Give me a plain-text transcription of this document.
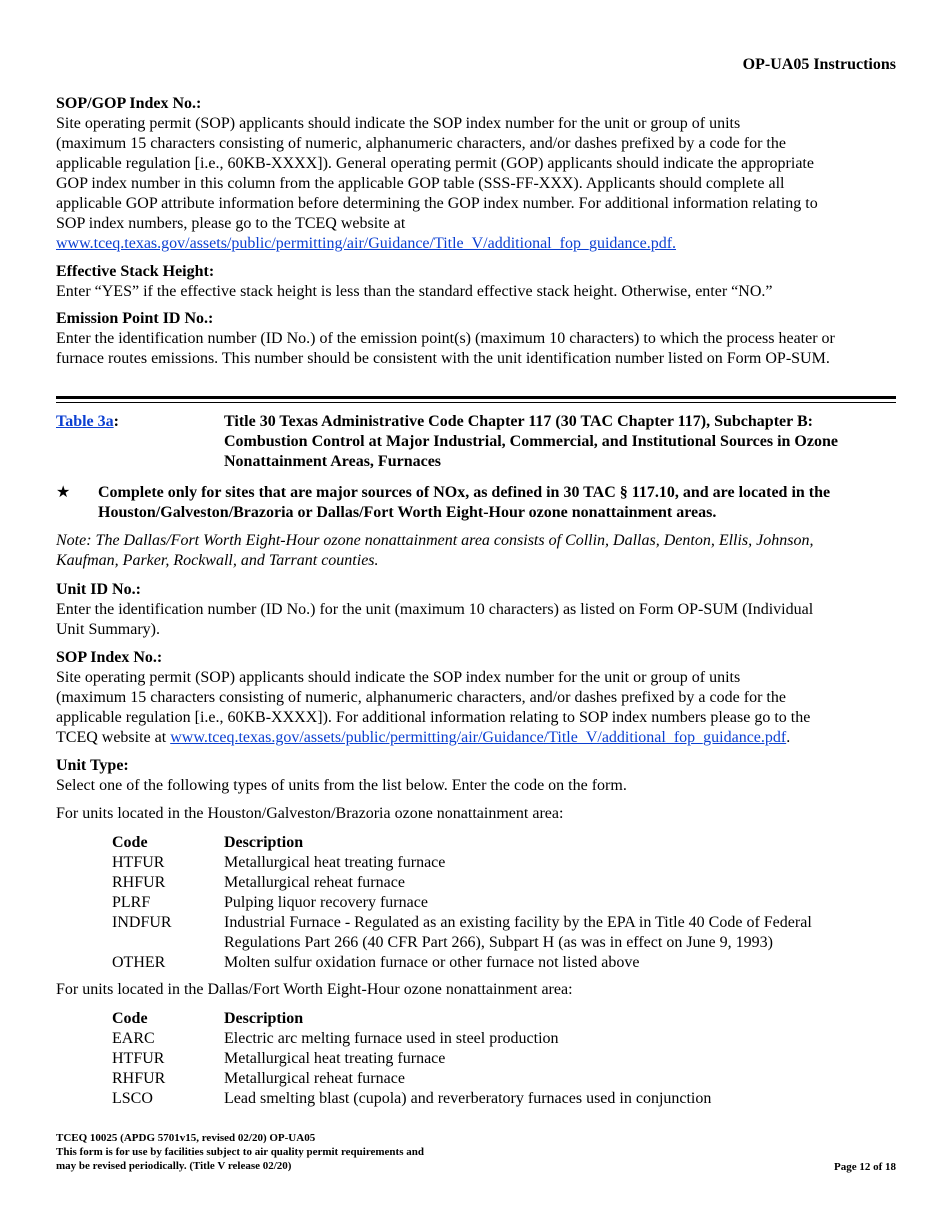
OP-UA05 Instructions

SOP/GOP Index No.:

Site operating permit (SOP) applicants should indicate the SOP index number for the unit or group of units

(maximum 15 characters consisting of numeric, alphanumeric characters, and/or dashes prefixed by a code for the

applicable regulation [i.e., 60KB-XXXX]). General operating permit (GOP) applicants should indicate the appropriate

GOP index number in this column from the applicable GOP table (SSS-FF-XXX). Applicants should complete all

applicable GOP attribute information before determining the GOP index number. For additional information relating to

SOP index numbers, please go to the TCEQ website at

www.tceq.texas.gov/assets/public/permitting/air/Guidance/Title_V/additional_fop_guidance.pdf.

Effective Stack Height:

Enter “YES” if the effective stack height is less than the standard effective stack height. Otherwise, enter “NO.”

Emission Point ID No.:

Enter the identification number (ID No.) of the emission point(s) (maximum 10 characters) to which the process heater or

furnace routes emissions. This number should be consistent with the unit identification number listed on Form OP-SUM.

Table 3a:	Title 30 Texas Administrative Code Chapter 117 (30 TAC Chapter 117), Subchapter B:

Combustion Control at Major Industrial, Commercial, and Institutional Sources in Ozone

Nonattainment Areas, Furnaces

★ Complete only for sites that are major sources of NOx, as defined in 30 TAC § 117.10, and are located in the

Houston/Galveston/Brazoria or Dallas/Fort Worth Eight-Hour ozone nonattainment areas.

Note: The Dallas/Fort Worth Eight-Hour ozone nonattainment area consists of Collin, Dallas, Denton, Ellis, Johnson,

Kaufman, Parker, Rockwall, and Tarrant counties.

Unit ID No.:

Enter the identification number (ID No.) for the unit (maximum 10 characters) as listed on Form OP-SUM (Individual

Unit Summary).

SOP Index No.:

Site operating permit (SOP) applicants should indicate the SOP index number for the unit or group of units

(maximum 15 characters consisting of numeric, alphanumeric characters, and/or dashes prefixed by a code for the

applicable regulation [i.e., 60KB-XXXX]). For additional information relating to SOP index numbers please go to the

TCEQ website at www.tceq.texas.gov/assets/public/permitting/air/Guidance/Title_V/additional_fop_guidance.pdf.

Unit Type:

Select one of the following types of units from the list below. Enter the code on the form.

For units located in the Houston/Galveston/Brazoria ozone nonattainment area:
Code	Description
HTFUR	Metallurgical heat treating furnace
RHFUR	Metallurgical reheat furnace
PLRF	Pulping liquor recovery furnace
INDFUR	Industrial Furnace - Regulated as an existing facility by the EPA in Title 40 Code of Federal
Regulations Part 266 (40 CFR Part 266), Subpart H (as was in effect on June 9, 1993)
OTHER	Molten sulfur oxidation furnace or other furnace not listed above
For units located in the Dallas/Fort Worth Eight-Hour ozone nonattainment area:
Code	Description
EARC	Electric arc melting furnace used in steel production
HTFUR	Metallurgical heat treating furnace
RHFUR	Metallurgical reheat furnace
LSCO	Lead smelting blast (cupola) and reverberatory furnaces used in conjunction

TCEQ 10025 (APDG 5701v15, revised 02/20) OP-UA05

This form is for use by facilities subject to air quality permit requirements and

may be revised periodically. (Title V release 02/20)	Page 12 of 18
